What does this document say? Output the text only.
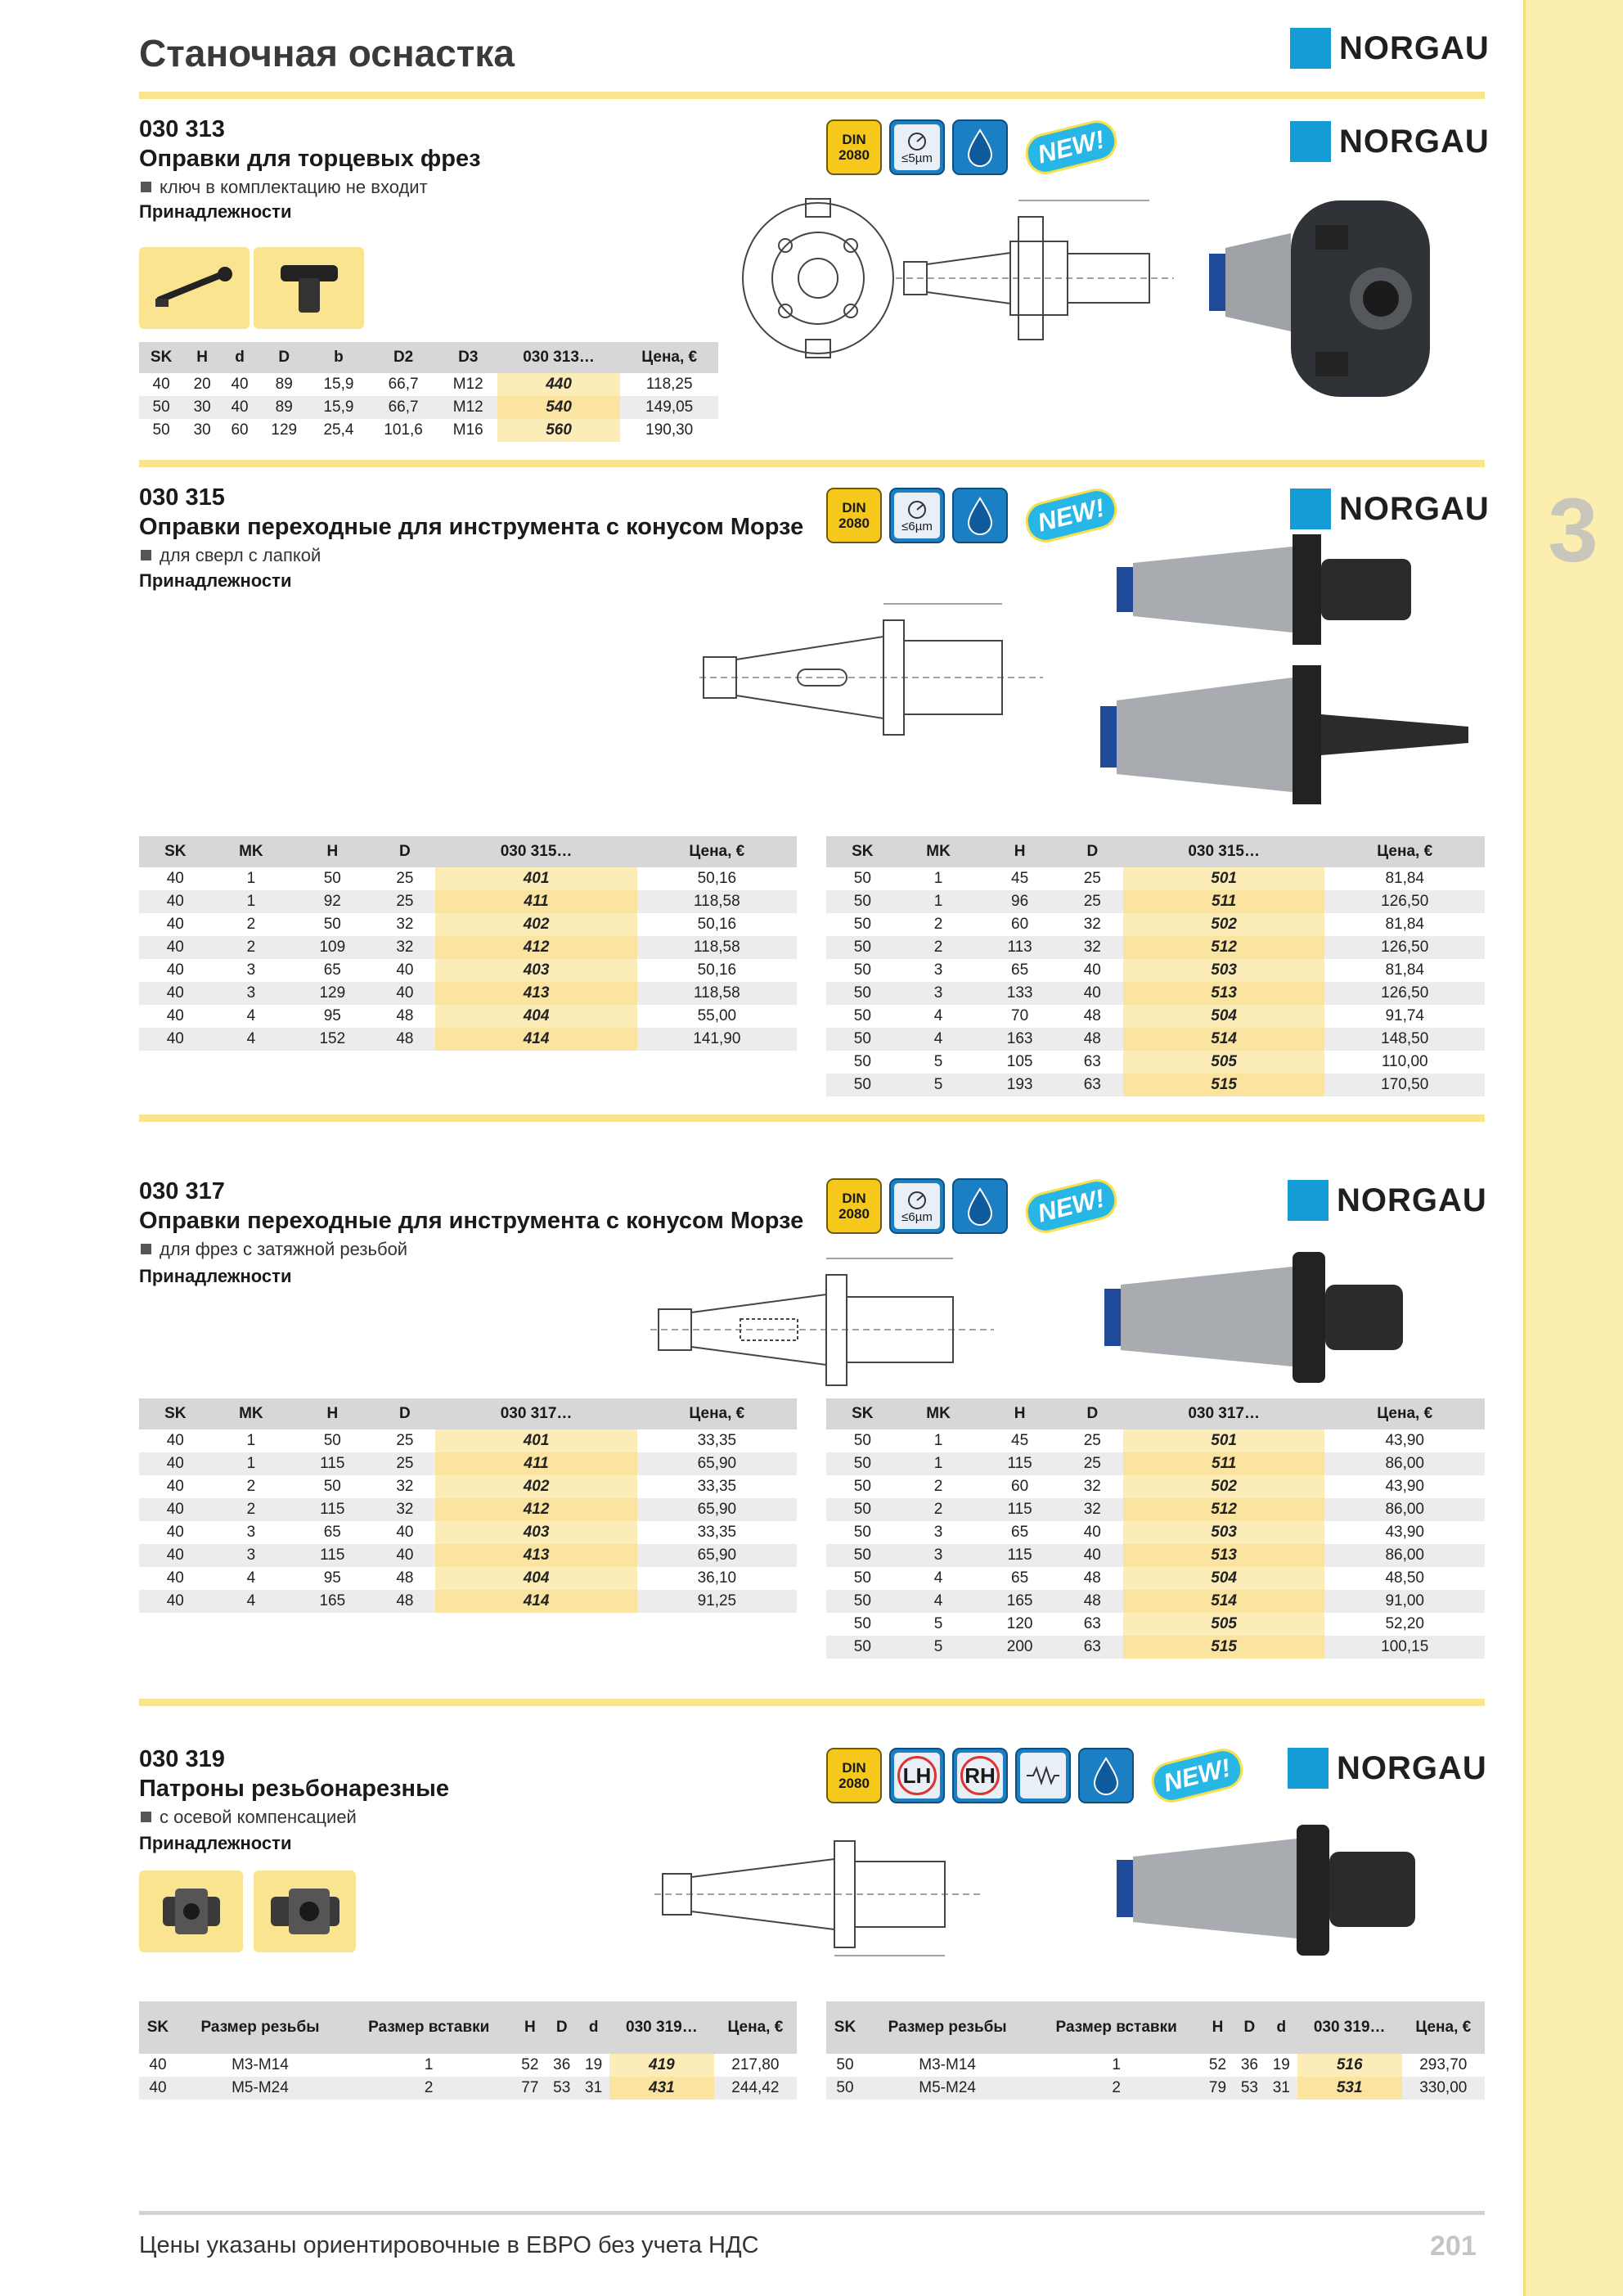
3
Станочная оснастка	NORGAU
030 313
Оправки для торцевых фрез
ключ в комплектацию не входит
Принадлежности
DIN
2080	≤5µm	NEW!	NORGAU
SK	H	d	D	b	D2	D3	030 313…	Цена, €
40	20	40	89	15,9	66,7	M12	440	118,25
50	30	40	89	15,9	66,7	M12	540	149,05
50	30	60	129	25,4	101,6	M16	560	190,30
030 315
Оправки переходные для инструмента с конусом Морзе
для сверл с лапкой
Принадлежности
DIN
2080	≤6µm	NEW!	NORGAU
SK	MK	H	D	030 315…	Цена, €
40	1	50	25	401	50,16
40	1	92	25	411	118,58
40	2	50	32	402	50,16
40	2	109	32	412	118,58
40	3	65	40	403	50,16
40	3	129	40	413	118,58
40	4	95	48	404	55,00
40	4	152	48	414	141,90
SK	MK	H	D	030 315…	Цена, €
50	1	45	25	501	81,84
50	1	96	25	511	126,50
50	2	60	32	502	81,84
50	2	113	32	512	126,50
50	3	65	40	503	81,84
50	3	133	40	513	126,50
50	4	70	48	504	91,74
50	4	163	48	514	148,50
50	5	105	63	505	110,00
50	5	193	63	515	170,50
030 317
Оправки переходные для инструмента с конусом Морзе
для фрез с затяжной резьбой
Принадлежности
DIN
2080	≤6µm	NEW!	NORGAU
SK	MK	H	D	030 317…	Цена, €
40	1	50	25	401	33,35
40	1	115	25	411	65,90
40	2	50	32	402	33,35
40	2	115	32	412	65,90
40	3	65	40	403	33,35
40	3	115	40	413	65,90
40	4	95	48	404	36,10
40	4	165	48	414	91,25
SK	MK	H	D	030 317…	Цена, €
50	1	45	25	501	43,90
50	1	115	25	511	86,00
50	2	60	32	502	43,90
50	2	115	32	512	86,00
50	3	65	40	503	43,90
50	3	115	40	513	86,00
50	4	65	48	504	48,50
50	4	165	48	514	91,00
50	5	120	63	505	52,20
50	5	200	63	515	100,15
030 319
Патроны резьбонарезные
с осевой компенсацией
Принадлежности
DIN
2080 LH RH	NEW!	NORGAU
SK	Размер резьбы	Размер вставки	H	D	d	030 319…	Цена, €
40	M3-M14	1	52	36	19	419	217,80
40	M5-M24	2	77	53	31	431	244,42
SK	Размер резьбы	Размер вставки	H	D	d	030 319…	Цена, €
50	M3-M14	1	52	36	19	516	293,70
50	M5-M24	2	79	53	31	531	330,00
Цены указаны ориентировочные в ЕВРО без учета НДС	201
